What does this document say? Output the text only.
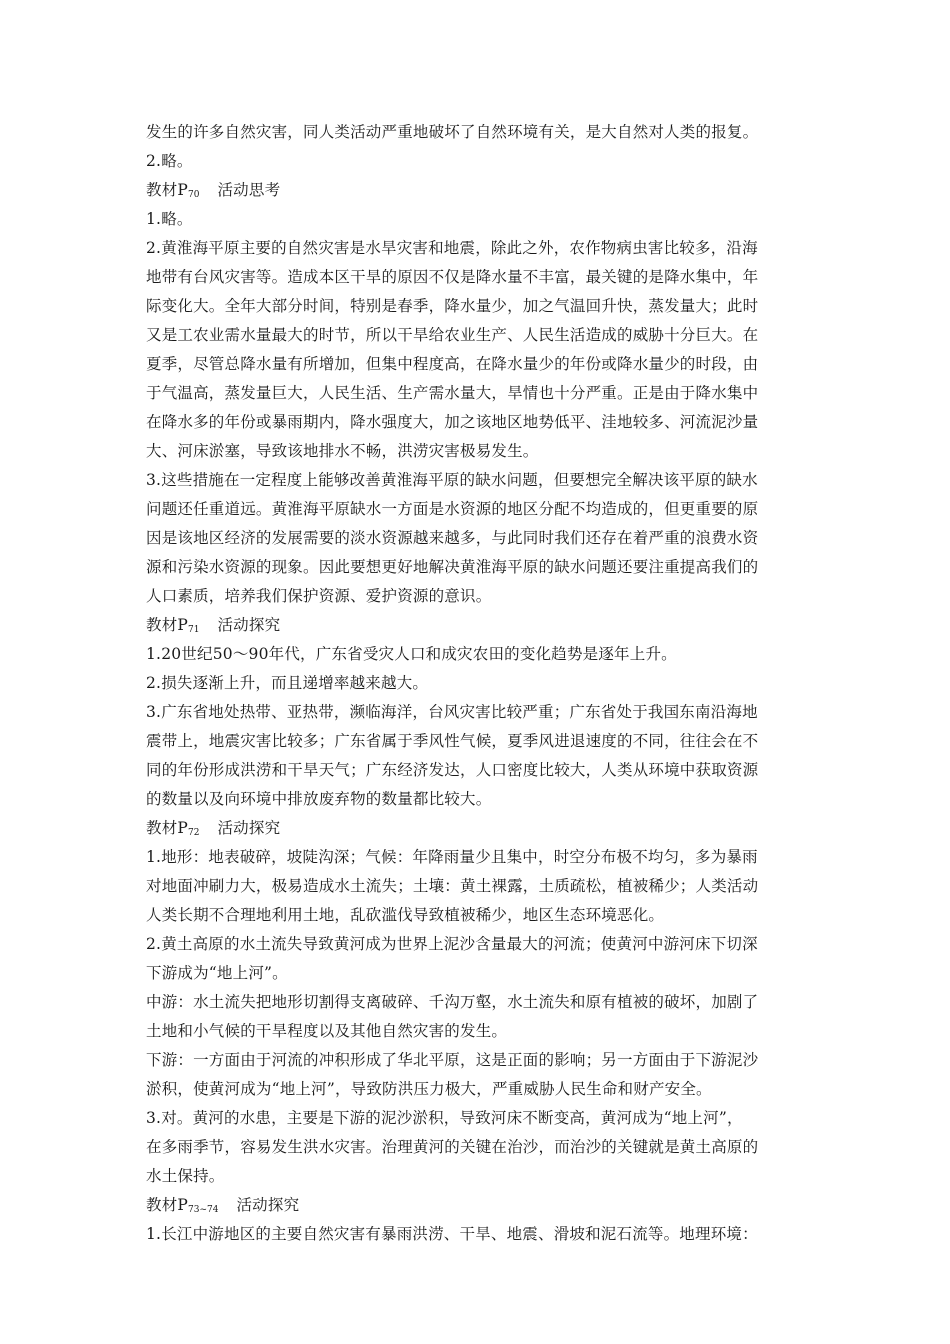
发生的许多自然灾害，同人类活动严重地破坏了自然环境有关，是大自然对人类的报复。

2.略。

教材$P_{70}$ 活动思考

1.略。

2.黄淮海平原主要的自然灾害是水旱灾害和地震，除此之外，农作物病虫害比较多，沿海

地带有台风灾害等。造成本区干旱的原因不仅是降水量不丰富，最关键的是降水集中，年

际变化大。全年大部分时间，特别是春季，降水量少，加之气温回升快，蒸发量大；此时

又是工农业需水量最大的时节，所以干旱给农业生产、人民生活造成的威胁十分巨大。在

夏季，尽管总降水量有所增加，但集中程度高，在降水量少的年份或降水量少的时段，由

于气温高，蒸发量巨大，人民生活、生产需水量大，旱情也十分严重。正是由于降水集中

在降水多的年份或暴雨期内，降水强度大，加之该地区地势低平、洼地较多、河流泥沙量

大、河床淤塞，导致该地排水不畅，洪涝灾害极易发生。

3.这些措施在一定程度上能够改善黄淮海平原的缺水问题，但要想完全解决该平原的缺水

问题还任重道远。黄淮海平原缺水一方面是水资源的地区分配不均造成的，但更重要的原

因是该地区经济的发展需要的淡水资源越来越多，与此同时我们还存在着严重的浪费水资

源和污染水资源的现象。因此要想更好地解决黄淮海平原的缺水问题还要注重提高我们的

人口素质，培养我们保护资源、爱护资源的意识。

教材$P_{71}$ 活动探究

1.20世纪50～90年代，广东省受灾人口和成灾农田的变化趋势是逐年上升。

2.损失逐渐上升，而且递增率越来越大。

3.广东省地处热带、亚热带，濒临海洋，台风灾害比较严重；广东省处于我国东南沿海地

震带上，地震灾害比较多；广东省属于季风性气候，夏季风进退速度的不同，往往会在不

同的年份形成洪涝和干旱天气；广东经济发达，人口密度比较大，人类从环境中获取资源

的数量以及向环境中排放废弃物的数量都比较大。

教材$P_{72}$ 活动探究

1.地形：地表破碎，坡陡沟深；气候：年降雨量少且集中，时空分布极不均匀，多为暴雨

对地面冲刷力大，极易造成水土流失；土壤：黄土裸露，土质疏松，植被稀少；人类活动

人类长期不合理地利用土地，乱砍滥伐导致植被稀少，地区生态环境恶化。

2.黄土高原的水土流失导致黄河成为世界上泥沙含量最大的河流；使黄河中游河床下切深

下游成为“地上河”。

中游：水土流失把地形切割得支离破碎、千沟万壑，水土流失和原有植被的破坏，加剧了

土地和小气候的干旱程度以及其他自然灾害的发生。

下游：一方面由于河流的冲积形成了华北平原，这是正面的影响；另一方面由于下游泥沙

淤积，使黄河成为“地上河”，导致防洪压力极大，严重威胁人民生命和财产安全。

3.对。黄河的水患，主要是下游的泥沙淤积，导致河床不断变高，黄河成为“地上河”，

在多雨季节，容易发生洪水灾害。治理黄河的关键在治沙，而治沙的关键就是黄土高原的

水土保持。

教材$P_{73\sim 74}$ 活动探究

1.长江中游地区的主要自然灾害有暴雨洪涝、干旱、地震、滑坡和泥石流等。地理环境：
